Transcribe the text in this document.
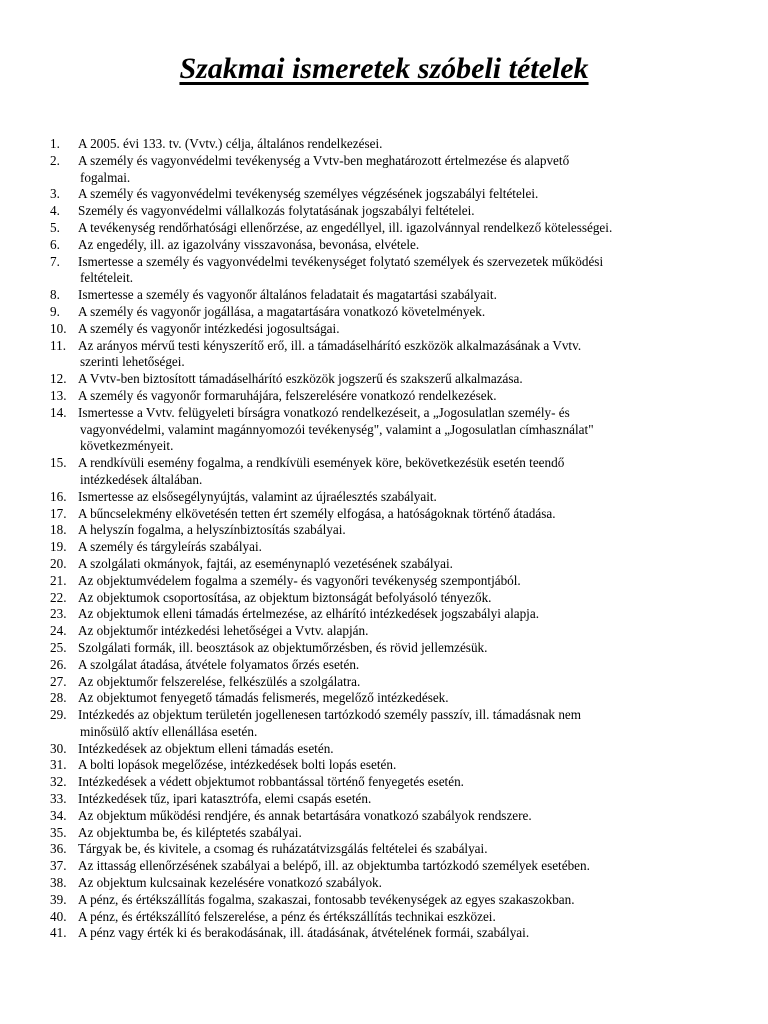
Szakmai ismeretek szóbeli tételek
1.	A 2005. évi 133. tv. (Vvtv.) célja, általános rendelkezései.
2.	A személy és vagyonvédelmi tevékenység a Vvtv-ben meghatározott értelmezése és alapvető
fogalmai.
3.	A személy és vagyonvédelmi tevékenység személyes végzésének jogszabályi feltételei.
4.	Személy és vagyonvédelmi vállalkozás folytatásának jogszabályi feltételei.
5.	A tevékenység rendőrhatósági ellenőrzése, az engedéllyel, ill. igazolvánnyal rendelkező kötelességei.
6.	Az engedély, ill. az igazolvány visszavonása, bevonása, elvétele.
7.	Ismertesse a személy és vagyonvédelmi tevékenységet folytató személyek és szervezetek működési
feltételeit.
8.	Ismertesse a személy és vagyonőr általános feladatait és magatartási szabályait.
9.	A személy és vagyonőr jogállása, a magatartására vonatkozó követelmények.
10. A személy és vagyonőr intézkedési jogosultságai.
11. Az arányos mérvű testi kényszerítő erő, ill. a támadáselhárító eszközök alkalmazásának a Vvtv.
szerinti lehetőségei.
12. A Vvtv-ben biztosított támadáselhárító eszközök jogszerű és szakszerű alkalmazása.
13. A személy és vagyonőr formaruhájára, felszerelésére vonatkozó rendelkezések.
14. Ismertesse a Vvtv. felügyeleti bírságra vonatkozó rendelkezéseit, a „Jogosulatlan személy- és
vagyonvédelmi, valamint magánnyomozói tevékenység", valamint a „Jogosulatlan címhasználat"
következményeit.
15. A rendkívüli esemény fogalma, a rendkívüli események köre, bekövetkezésük esetén teendő
intézkedések általában.
16. Ismertesse az elsősegélynyújtás, valamint az újraélesztés szabályait.
17. A bűncselekmény elkövetésén tetten ért személy elfogása, a hatóságoknak történő átadása.
18. A helyszín fogalma, a helyszínbiztosítás szabályai.
19. A személy és tárgyleírás szabályai.
20. A szolgálati okmányok, fajtái, az eseménynapló vezetésének szabályai.
21. Az objektumvédelem fogalma a személy- és vagyonőri tevékenység szempontjából.
22. Az objektumok csoportosítása, az objektum biztonságát befolyásoló tényezők.
23. Az objektumok elleni támadás értelmezése, az elhárító intézkedések jogszabályi alapja.
24. Az objektumőr intézkedési lehetőségei a Vvtv. alapján.
25. Szolgálati formák, ill. beosztások az objektumőrzésben, és rövid jellemzésük.
26. A szolgálat átadása, átvétele folyamatos őrzés esetén.
27. Az objektumőr felszerelése, felkészülés a szolgálatra.
28. Az objektumot fenyegető támadás felismerés, megelőző intézkedések.
29. Intézkedés az objektum területén jogellenesen tartózkodó személy passzív, ill. támadásnak nem
minősülő aktív ellenállása esetén.
30. Intézkedések az objektum elleni támadás esetén.
31. A bolti lopások megelőzése, intézkedések bolti lopás esetén.
32. Intézkedések a védett objektumot robbantással történő fenyegetés esetén.
33. Intézkedések tűz, ipari katasztrófa, elemi csapás esetén.
34. Az objektum működési rendjére, és annak betartására vonatkozó szabályok rendszere.
35. Az objektumba be, és kiléptetés szabályai.
36. Tárgyak be, és kivitele, a csomag és ruházatátvizsgálás feltételei és szabályai.
37. Az ittasság ellenőrzésének szabályai a belépő, ill. az objektumba tartózkodó személyek esetében.
38. Az objektum kulcsainak kezelésére vonatkozó szabályok.
39. A pénz, és értékszállítás fogalma, szakaszai, fontosabb tevékenységek az egyes szakaszokban.
40. A pénz, és értékszállító felszerelése, a pénz és értékszállítás technikai eszközei.
41. A pénz vagy érték ki és berakodásának, ill. átadásának, átvételének formái, szabályai.
